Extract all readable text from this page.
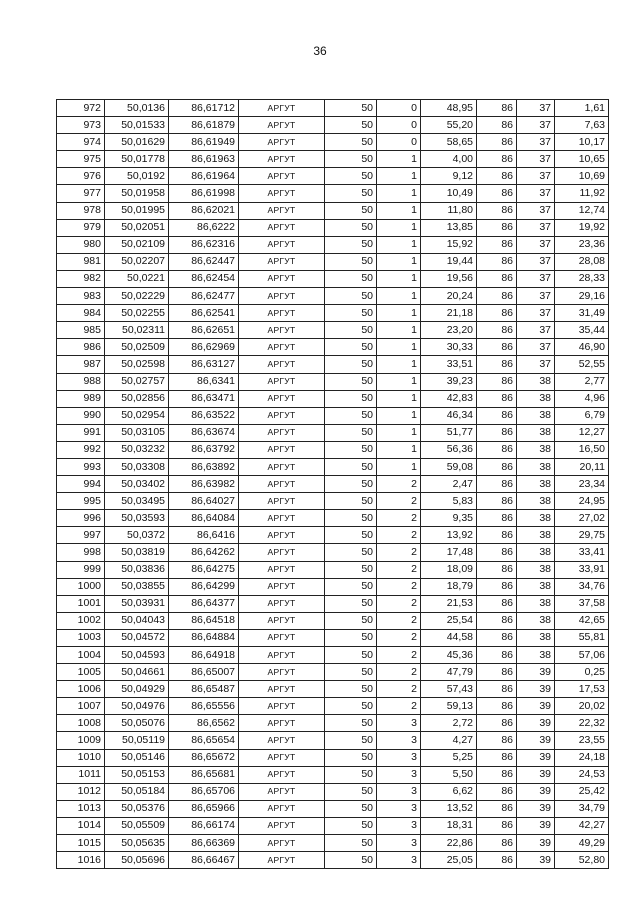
36
972	50,0136	86,61712	АРГУТ	50	0	48,95	86	37	1,61
973	50,01533	86,61879	АРГУТ	50	0	55,20	86	37	7,63
974	50,01629	86,61949	АРГУТ	50	0	58,65	86	37	10,17
975	50,01778	86,61963	АРГУТ	50	1	4,00	86	37	10,65
976	50,0192	86,61964	АРГУТ	50	1	9,12	86	37	10,69
977	50,01958	86,61998	АРГУТ	50	1	10,49	86	37	11,92
978	50,01995	86,62021	АРГУТ	50	1	11,80	86	37	12,74
979	50,02051	86,6222	АРГУТ	50	1	13,85	86	37	19,92
980	50,02109	86,62316	АРГУТ	50	1	15,92	86	37	23,36
981	50,02207	86,62447	АРГУТ	50	1	19,44	86	37	28,08
982	50,0221	86,62454	АРГУТ	50	1	19,56	86	37	28,33
983	50,02229	86,62477	АРГУТ	50	1	20,24	86	37	29,16
984	50,02255	86,62541	АРГУТ	50	1	21,18	86	37	31,49
985	50,02311	86,62651	АРГУТ	50	1	23,20	86	37	35,44
986	50,02509	86,62969	АРГУТ	50	1	30,33	86	37	46,90
987	50,02598	86,63127	АРГУТ	50	1	33,51	86	37	52,55
988	50,02757	86,6341	АРГУТ	50	1	39,23	86	38	2,77
989	50,02856	86,63471	АРГУТ	50	1	42,83	86	38	4,96
990	50,02954	86,63522	АРГУТ	50	1	46,34	86	38	6,79
991	50,03105	86,63674	АРГУТ	50	1	51,77	86	38	12,27
992	50,03232	86,63792	АРГУТ	50	1	56,36	86	38	16,50
993	50,03308	86,63892	АРГУТ	50	1	59,08	86	38	20,11
994	50,03402	86,63982	АРГУТ	50	2	2,47	86	38	23,34
995	50,03495	86,64027	АРГУТ	50	2	5,83	86	38	24,95
996	50,03593	86,64084	АРГУТ	50	2	9,35	86	38	27,02
997	50,0372	86,6416	АРГУТ	50	2	13,92	86	38	29,75
998	50,03819	86,64262	АРГУТ	50	2	17,48	86	38	33,41
999	50,03836	86,64275	АРГУТ	50	2	18,09	86	38	33,91
1000	50,03855	86,64299	АРГУТ	50	2	18,79	86	38	34,76
1001	50,03931	86,64377	АРГУТ	50	2	21,53	86	38	37,58
1002	50,04043	86,64518	АРГУТ	50	2	25,54	86	38	42,65
1003	50,04572	86,64884	АРГУТ	50	2	44,58	86	38	55,81
1004	50,04593	86,64918	АРГУТ	50	2	45,36	86	38	57,06
1005	50,04661	86,65007	АРГУТ	50	2	47,79	86	39	0,25
1006	50,04929	86,65487	АРГУТ	50	2	57,43	86	39	17,53
1007	50,04976	86,65556	АРГУТ	50	2	59,13	86	39	20,02
1008	50,05076	86,6562	АРГУТ	50	3	2,72	86	39	22,32
1009	50,05119	86,65654	АРГУТ	50	3	4,27	86	39	23,55
1010	50,05146	86,65672	АРГУТ	50	3	5,25	86	39	24,18
1011	50,05153	86,65681	АРГУТ	50	3	5,50	86	39	24,53
1012	50,05184	86,65706	АРГУТ	50	3	6,62	86	39	25,42
1013	50,05376	86,65966	АРГУТ	50	3	13,52	86	39	34,79
1014	50,05509	86,66174	АРГУТ	50	3	18,31	86	39	42,27
1015	50,05635	86,66369	АРГУТ	50	3	22,86	86	39	49,29
1016	50,05696	86,66467	АРГУТ	50	3	25,05	86	39	52,80
